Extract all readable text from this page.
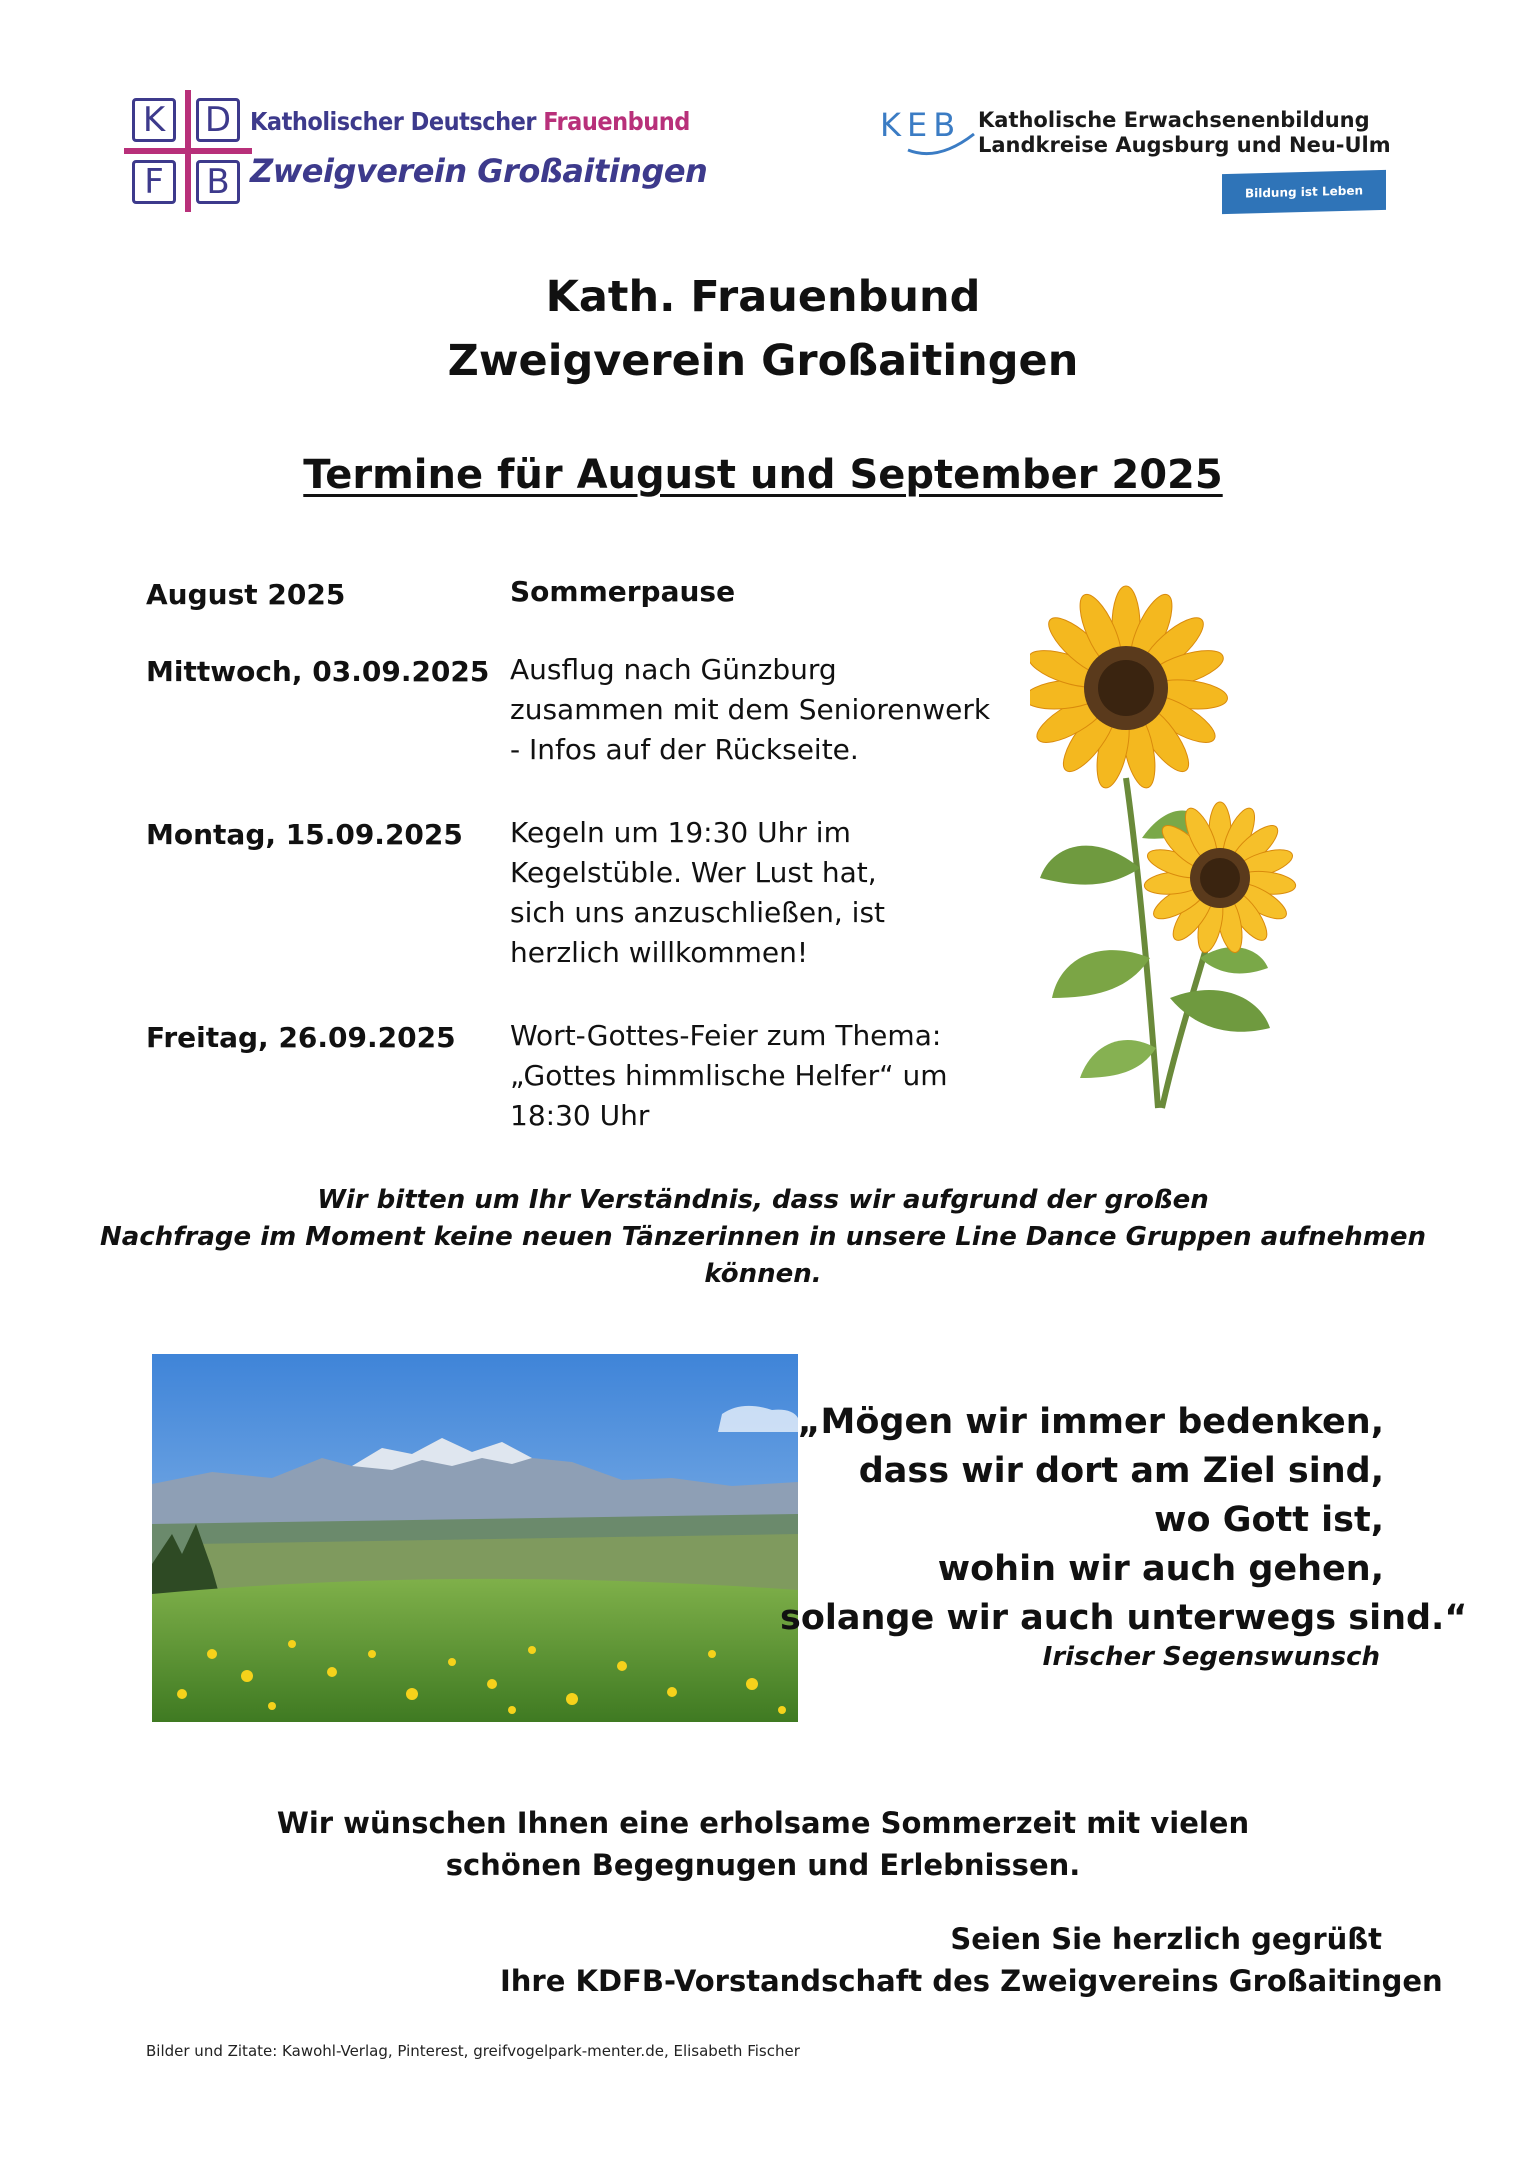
K	D
F	B
Katholischer Deutscher Frauenbund
Zweigverein Großaitingen
KEB Katholische Erwachsenenbildung
Landkreise Augsburg und Neu-Ulm
Bildung ist Leben
Kath. Frauenbund
Zweigverein Großaitingen
Termine für August und September 2025
August 2025	Sommerpause
Mittwoch, 03.09.2025 Ausflug nach Günzburg
zusammen mit dem Seniorenwerk
- Infos auf der Rückseite.
Montag, 15.09.2025 Kegeln um 19:30 Uhr im
Kegelstüble. Wer Lust hat,
sich uns anzuschließen, ist
herzlich willkommen!
Freitag, 26.09.2025 Wort-Gottes-Feier zum Thema:
„Gottes himmlische Helfer“ um
18:30 Uhr
Wir bitten um Ihr Verständnis, dass wir aufgrund der großen
Nachfrage im Moment keine neuen Tänzerinnen in unsere Line Dance Gruppen aufnehmen
können.
„Mögen wir immer bedenken,
dass wir dort am Ziel sind,
wo Gott ist,
wohin wir auch gehen,
solange wir auch unterwegs sind.“
Irischer Segenswunsch
Wir wünschen Ihnen eine erholsame Sommerzeit mit vielen
schönen Begegnugen und Erlebnissen.
Seien Sie herzlich gegrüßt
Ihre KDFB-Vorstandschaft des Zweigvereins Großaitingen
Bilder und Zitate: Kawohl-Verlag, Pinterest, greifvogelpark-menter.de, Elisabeth Fischer
